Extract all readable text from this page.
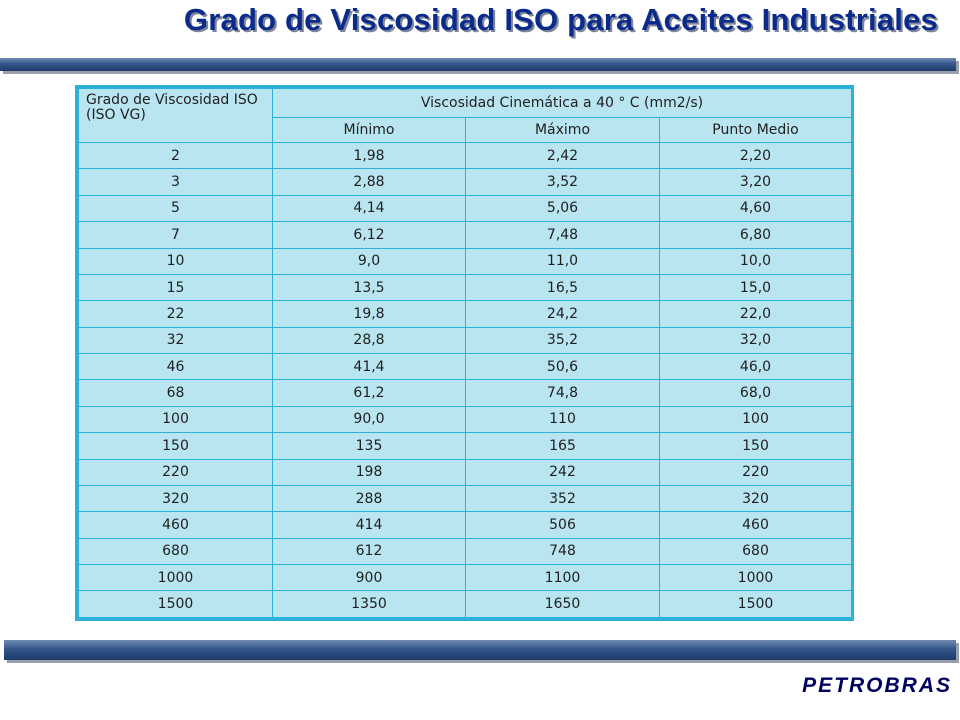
Grado de Viscosidad ISO para Aceites Industriales
Grado de Viscosidad ISO (ISO VG)	Viscosidad Cinemática a 40 ° C (mm2/s)		
	Mínimo	Máximo	Punto Medio
2	1,98	2,42	2,20
3	2,88	3,52	3,20
5	4,14	5,06	4,60
7	6,12	7,48	6,80
10	9,0	11,0	10,0
15	13,5	16,5	15,0
22	19,8	24,2	22,0
32	28,8	35,2	32,0
46	41,4	50,6	46,0
68	61,2	74,8	68,0
100	90,0	110	100
150	135	165	150
220	198	242	220
320	288	352	320
460	414	506	460
680	612	748	680
1000	900	1100	1000
1500	1350	1650	1500
PETROBRAS
